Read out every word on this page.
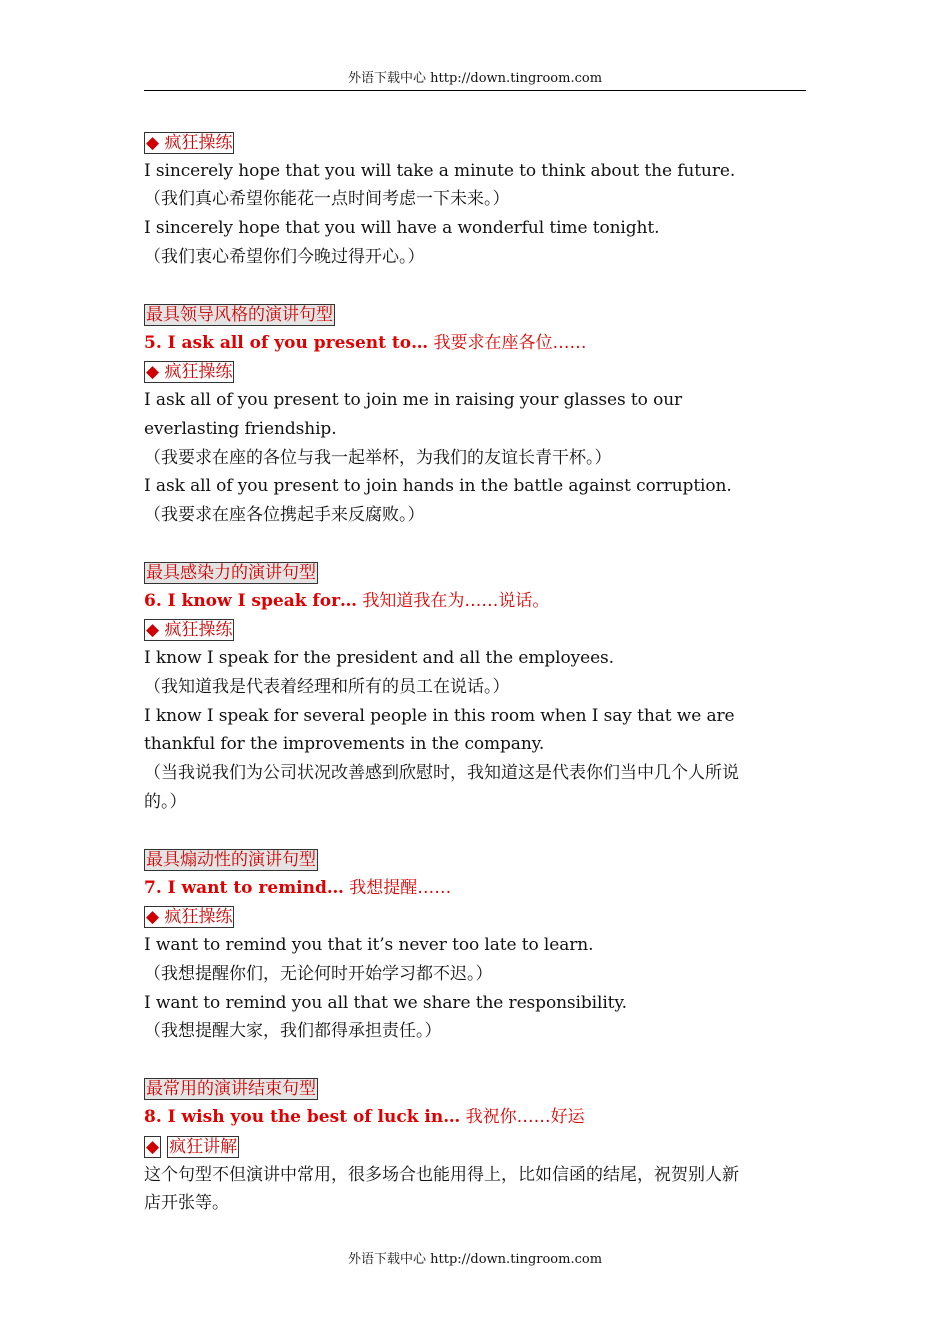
外语下载中心 http://down.tingroom.com
◆ 疯狂操练
I sincerely hope that you will take a minute to think about the future.
（我们真心希望你能花一点时间考虑一下未来。）
I sincerely hope that you will have a wonderful time tonight.
（我们衷心希望你们今晚过得开心。）
最具领导风格的演讲句型
5. I ask all of you present to… 我要求在座各位……
◆ 疯狂操练
I ask all of you present to join me in raising your glasses to our
everlasting friendship.
（我要求在座的各位与我一起举杯，为我们的友谊长青干杯。）
I ask all of you present to join hands in the battle against corruption.
（我要求在座各位携起手来反腐败。）
最具感染力的演讲句型
6. I know I speak for… 我知道我在为……说话。
◆ 疯狂操练
I know I speak for the president and all the employees.
（我知道我是代表着经理和所有的员工在说话。）
I know I speak for several people in this room when I say that we are
thankful for the improvements in the company.
（当我说我们为公司状况改善感到欣慰时，我知道这是代表你们当中几个人所说
的。）
最具煽动性的演讲句型
7. I want to remind… 我想提醒……
◆ 疯狂操练
I want to remind you that it’s never too late to learn.
（我想提醒你们，无论何时开始学习都不迟。）
I want to remind you all that we share the responsibility.
（我想提醒大家，我们都得承担责任。）
最常用的演讲结束句型
8. I wish you the best of luck in… 我祝你……好运
◆ 疯狂讲解
这个句型不但演讲中常用，很多场合也能用得上，比如信函的结尾，祝贺别人新
店开张等。
外语下载中心 http://down.tingroom.com
